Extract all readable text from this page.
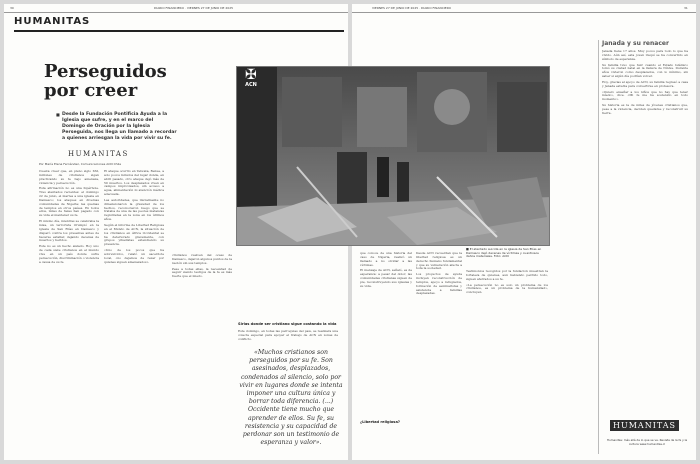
30	DIARIO FINANCIERO · VIERNES 27 DE JUNIO DE 2025
HUMANITAS
Perseguidos por creer
■ Desde la Fundación Pontificia Ayuda a la Iglesia que sufre, y en el marco del Domingo de Oración por la Iglesia Perseguida, nos llega un llamado a recordar a quienes arriesgan la vida por vivir su fe.
HUMANITAS
Por María Elena Fernández, Comunicaciones ACN Chile

Cuesta creer que, en pleno siglo XXI, millones de cristianos sigan practicando su fe bajo amenaza, violencia y persecución.

Esta afirmación no es una hipérbole. Tres atentados recientes: el domingo 22 de junio, el martes a una iglesia en Damasco; los ataques en diversas comunidades de Nigeria; las quemas de templos en otros países. En todos ellos, miles de fieles han pagado con su vida el mantener su fe.

El mismo día, mientras se celebraba la misa, un terrorista irrumpió en la iglesia de San Elías en Damasco y disparó contra los presentes antes de hacerse estallar, dejando decenas de muertos y heridos.

Este no es un hecho aislado. Hoy uno de cada siete cristianos en el mundo vive en un país donde sufre persecución, discriminación o violencia a causa de su fe.

El ataque ocurrió en Yelwata, Benue, a solo pocos minutos del lugar donde, en abril pasado, otro ataque dejó más de 50 muertos. Los desplazados viven en campos improvisados, sin acceso a agua, alimentación ni atención médica adecuada.

Las autoridades, que inicialmente no dimensionaron la gravedad de los hechos, reconocieron luego que se trataba de una de las peores matanzas registradas en la zona en los últimos años.

Según el informe de Libertad Religiosa en el Mundo de ACN, la situación de los cristianos en África Occidental se ha deteriorado gravemente, con grupos yihadistas extendiendo su presencia.

«Uno de los pocos que ha sobrevivido», relató un sacerdote local, «no dejamos de rezar por quienes siguen amenazados».

cristianos vuelven del ocaso de Damasco, dejaron algunos puntos de la nación sin sus templos.

Pese a todas ellas, la necesidad de seguir siendo testigos de la fe es más fuerte que el miedo.

Sirias donde ser cristiano sigue costando la vida

Este domingo, en todas las parroquias del país, se realizará una colecta especial para apoyar el trabajo de ACN en zonas de conflicto.

«Muchos cristianos son perseguidos por su fe. Son asesinados, desplazados, condenados al silencio, solo por vivir en lugares donde se intenta imponer una cultura única y borrar toda diferencia. (...) Occidente tiene mucho que aprender de ellos. Su fe, su resistencia y su capacidad de perdonar son un testimonio de esperanza y valor».
VIERNES 27 DE JUNIO DE 2025 · DIARIO FINANCIERO	31
✠
ACN
■ El atentado suicida en la iglesia de San Elías en Damasco dejó decenas de víctimas y cuantiosos daños materiales. Foto: ACN

que conoce de una historia del caso de Nigeria, realizó un llamado a no olvidar a las víctimas.

El mensaje de ACN, señaló, es de esperanza: a pesar del dolor, las comunidades cristianas siguen de pie, reconstruyendo sus iglesias y su vida.

¿Libertad religiosa?

Desde ACN recuerdan que la libertad religiosa es un derecho humano fundamental y que su vulneración afecta a toda la sociedad.

Los proyectos de ayuda incluyen reconstrucción de templos, apoyo a refugiados, formación de seminaristas y asistencia a familias desplazadas.

Testimonios recogidos por la fundación muestran la fortaleza de quienes, aun habiendo perdido todo, siguen aferrados a su fe.

«La persecución no es solo un problema de los cristianos, es un problema de la humanidad», concluyen.

Janada y su renacer

Janada tiene 17 años. Muy pocos para todo lo que ha vivido. Aún así, esta joven iraquí se ha convertido en símbolo de esperanza.

Su familia tuvo que huir cuando el Estado Islámico tomó su ciudad natal en la llanura de Nínive. Durante años vivieron como desplazados, con lo mínimo, sin saber si algún día podrían volver.

Hoy, gracias al apoyo de ACN, su familia regresó a casa y Janada estudia para convertirse en profesora.

«Quiero enseñar a los niños que no hay que tener miedo», dice. «Mi fe me ha sostenido en todo momento».

Su historia es la de miles de jóvenes cristianos que, pese a la violencia, deciden quedarse y reconstruir su tierra.

HUMANITAS
Humanitas: más allá de lo que se ve. Revista de la fe y la cultura www.humanitas.cl
